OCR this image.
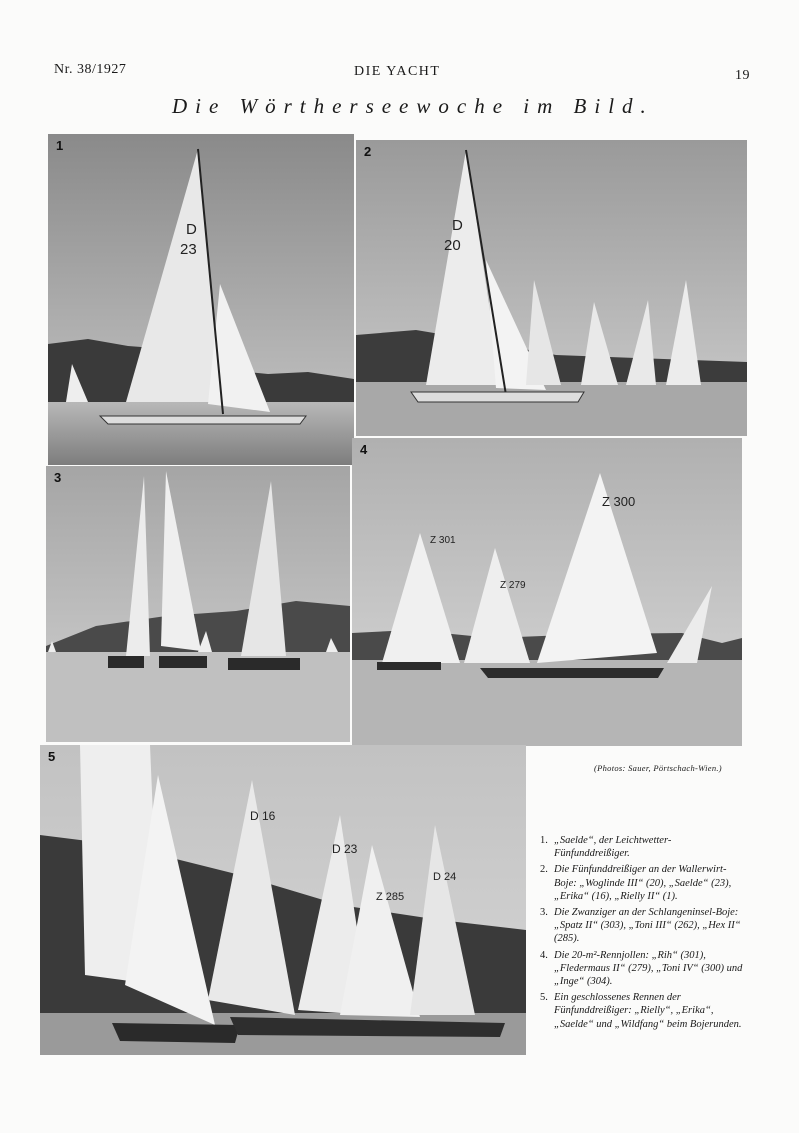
Nr. 38/1927	DIE YACHT	19
Die Wörtherseewoche im Bild.
D
23
1
D
20
2
3
Z 301
Z 279
Z 300
4
D 16
D 23
Z 285
D 24
5
(Photos: Sauer, Pörtschach-Wien.)
1. „Saelde“, der Leichtwetter-Fünfunddreißiger.
2. Die Fünfunddreißiger an der Wallerwirt-Boje: „Woglinde III“ (20), „Saelde“ (23), „Erika“ (16), „Rielly II“ (1).
3. Die Zwanziger an der Schlangeninsel-Boje: „Spatz II“ (303), „Toni III“ (262), „Hex II“ (285).
4. Die 20-m²-Rennjollen: „Rih“ (301), „Fledermaus II“ (279), „Toni IV“ (300) und „Inge“ (304).
5. Ein geschlossenes Rennen der Fünfunddreißiger: „Rielly“, „Erika“, „Saelde“ und „Wildfang“ beim Bojerunden.
